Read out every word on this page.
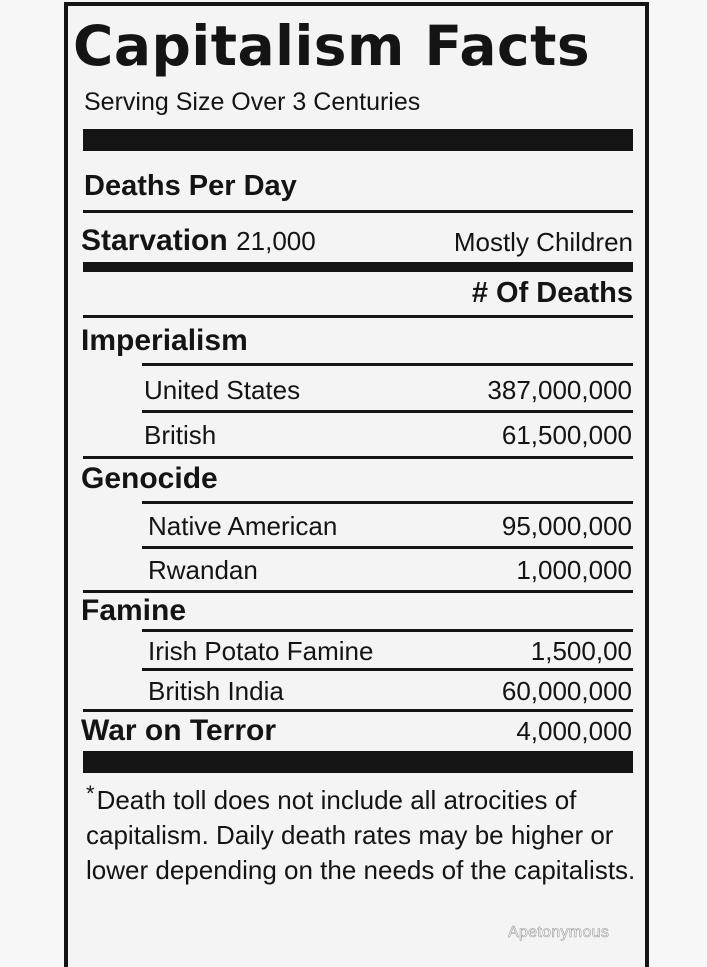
Capitalism Facts
Serving Size Over 3 Centuries
Deaths Per Day
Starvation 21,000	Mostly Children
# Of Deaths
Imperialism
United States	387,000,000
British	61,500,000
Genocide
Native American	95,000,000
Rwandan	1,000,000
Famine
Irish Potato Famine	1,500,00
British India	60,000,000
War on Terror	4,000,000
*Death toll does not include all atrocities of capitalism. Daily death rates may be higher or lower depending on the needs of the capitalists.
Apetonymous
